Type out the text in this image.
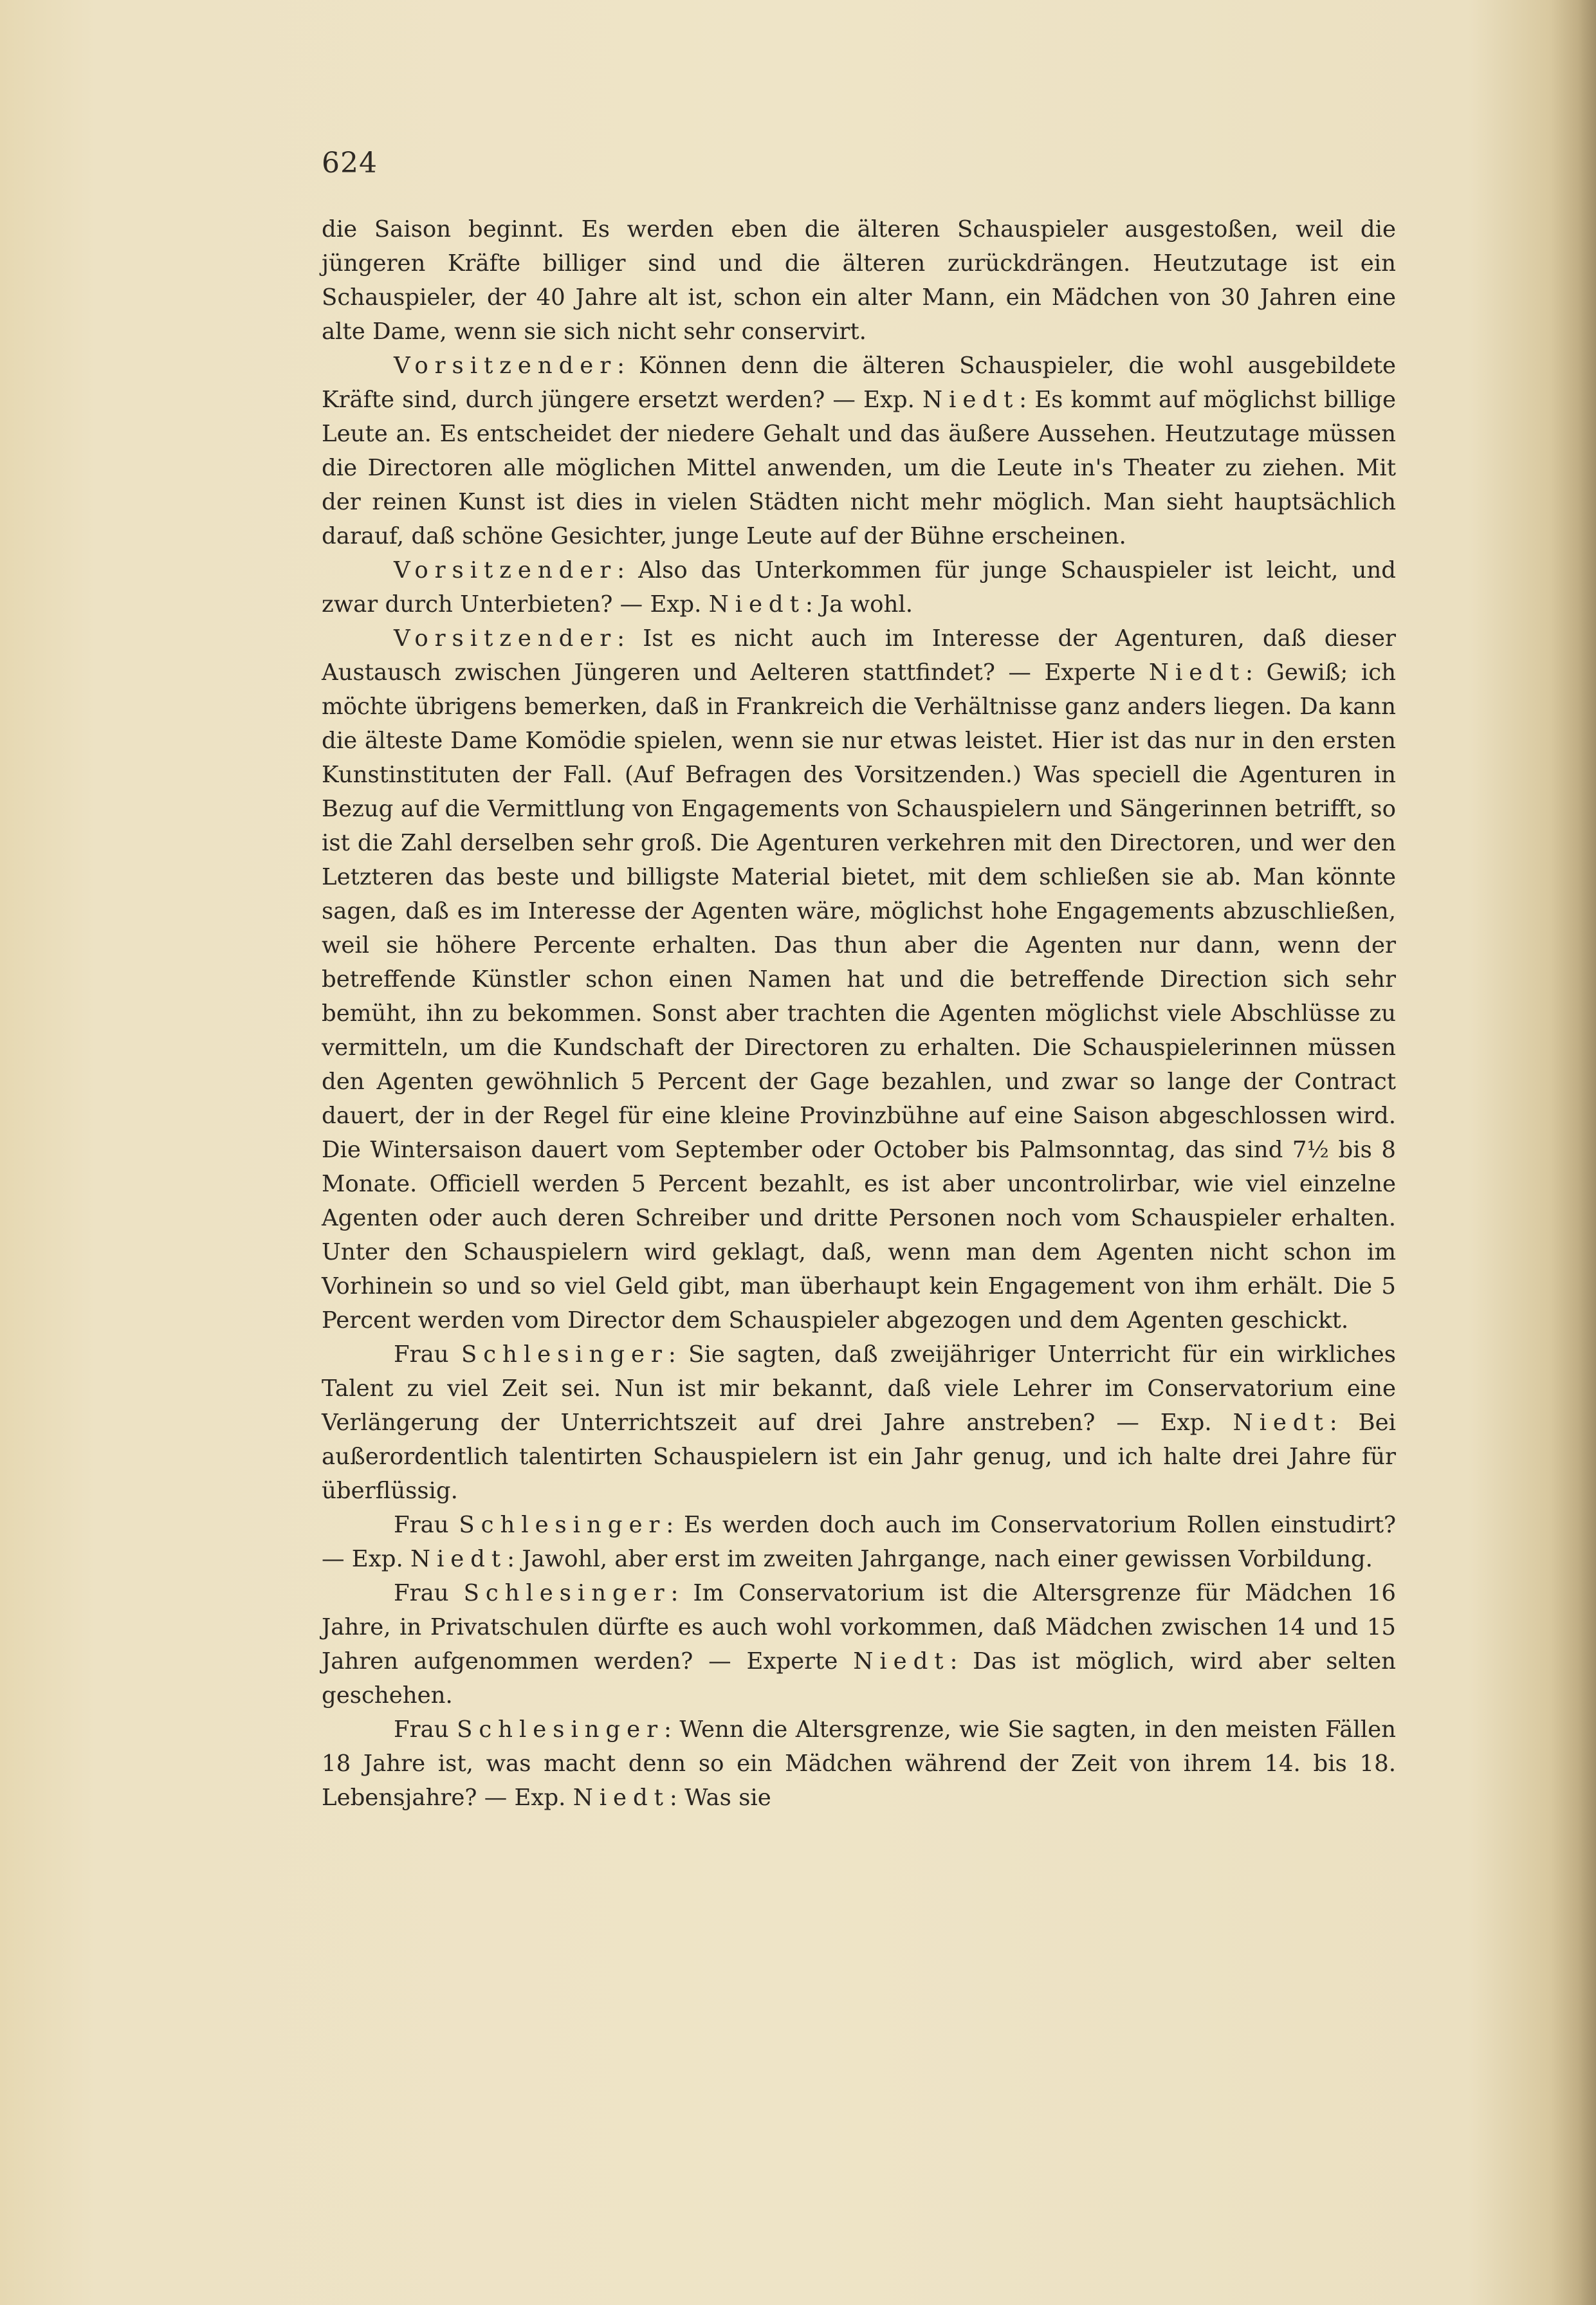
624

die Saison beginnt. Es werden eben die älteren Schauspieler ausgestoßen, weil die jüngeren Kräfte billiger sind und die älteren zurückdrängen. Heutzutage ist ein Schauspieler, der 40 Jahre alt ist, schon ein alter Mann, ein Mädchen von 30 Jahren eine alte Dame, wenn sie sich nicht sehr conservirt.

Vorsitzender: Können denn die älteren Schauspieler, die wohl ausgebildete Kräfte sind, durch jüngere ersetzt werden? — Exp. Niedt: Es kommt auf möglichst billige Leute an. Es entscheidet der niedere Gehalt und das äußere Aussehen. Heutzutage müssen die Directoren alle möglichen Mittel anwenden, um die Leute in's Theater zu ziehen. Mit der reinen Kunst ist dies in vielen Städten nicht mehr möglich. Man sieht hauptsächlich darauf, daß schöne Gesichter, junge Leute auf der Bühne erscheinen.

Vorsitzender: Also das Unterkommen für junge Schauspieler ist leicht, und zwar durch Unterbieten? — Exp. Niedt: Ja wohl.

Vorsitzender: Ist es nicht auch im Interesse der Agenturen, daß dieser Austausch zwischen Jüngeren und Aelteren stattfindet? — Experte Niedt: Gewiß; ich möchte übrigens bemerken, daß in Frankreich die Verhältnisse ganz anders liegen. Da kann die älteste Dame Komödie spielen, wenn sie nur etwas leistet. Hier ist das nur in den ersten Kunstinstituten der Fall. (Auf Befragen des Vorsitzenden.) Was speciell die Agenturen in Bezug auf die Vermittlung von Engagements von Schauspielern und Sängerinnen betrifft, so ist die Zahl derselben sehr groß. Die Agenturen verkehren mit den Directoren, und wer den Letzteren das beste und billigste Material bietet, mit dem schließen sie ab. Man könnte sagen, daß es im Interesse der Agenten wäre, möglichst hohe Engagements abzuschließen, weil sie höhere Percente erhalten. Das thun aber die Agenten nur dann, wenn der betreffende Künstler schon einen Namen hat und die betreffende Direction sich sehr bemüht, ihn zu bekommen. Sonst aber trachten die Agenten möglichst viele Abschlüsse zu vermitteln, um die Kundschaft der Directoren zu erhalten. Die Schauspielerinnen müssen den Agenten gewöhnlich 5 Percent der Gage bezahlen, und zwar so lange der Contract dauert, der in der Regel für eine kleine Provinzbühne auf eine Saison abgeschlossen wird. Die Wintersaison dauert vom September oder October bis Palmsonntag, das sind 7½ bis 8 Monate. Officiell werden 5 Percent bezahlt, es ist aber uncontrolirbar, wie viel einzelne Agenten oder auch deren Schreiber und dritte Personen noch vom Schauspieler erhalten. Unter den Schauspielern wird geklagt, daß, wenn man dem Agenten nicht schon im Vorhinein so und so viel Geld gibt, man überhaupt kein Engagement von ihm erhält. Die 5 Percent werden vom Director dem Schauspieler abgezogen und dem Agenten geschickt.

Frau Schlesinger: Sie sagten, daß zweijähriger Unterricht für ein wirkliches Talent zu viel Zeit sei. Nun ist mir bekannt, daß viele Lehrer im Conservatorium eine Verlängerung der Unterrichtszeit auf drei Jahre anstreben? — Exp. Niedt: Bei außerordentlich talentirten Schauspielern ist ein Jahr genug, und ich halte drei Jahre für überflüssig.

Frau Schlesinger: Es werden doch auch im Conservatorium Rollen einstudirt? — Exp. Niedt: Jawohl, aber erst im zweiten Jahrgange, nach einer gewissen Vorbildung.

Frau Schlesinger: Im Conservatorium ist die Altersgrenze für Mädchen 16 Jahre, in Privatschulen dürfte es auch wohl vorkommen, daß Mädchen zwischen 14 und 15 Jahren aufgenommen werden? — Experte Niedt: Das ist möglich, wird aber selten geschehen.

Frau Schlesinger: Wenn die Altersgrenze, wie Sie sagten, in den meisten Fällen 18 Jahre ist, was macht denn so ein Mädchen während der Zeit von ihrem 14. bis 18. Lebensjahre? — Exp. Niedt: Was sie
